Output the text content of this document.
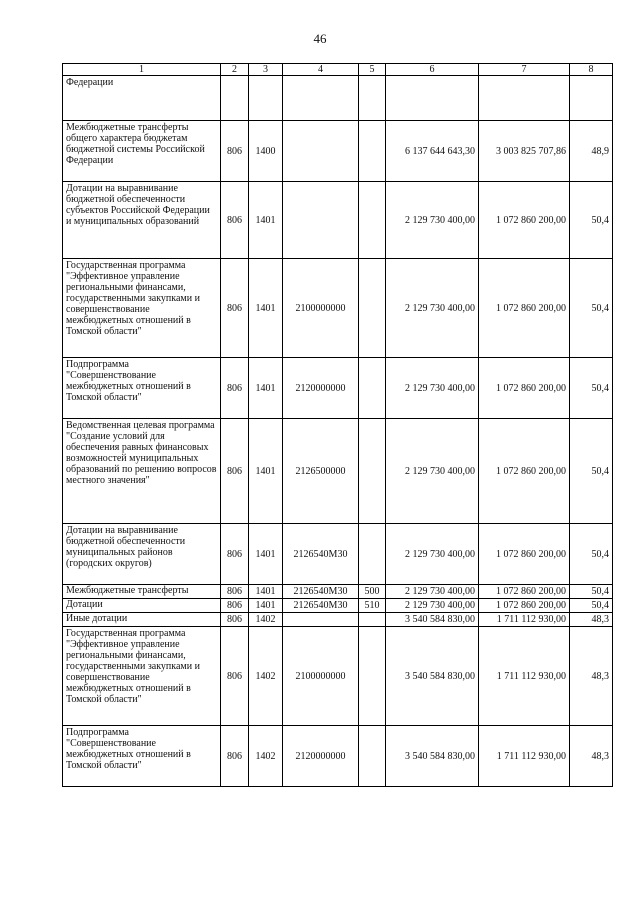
46
1	2	3	4	5	6	7	8
Федерации							
Межбюджетные трансферты общего характера бюджетам бюджетной системы Российской Федерации	806	1400			6 137 644 643,30	3 003 825 707,86	48,9
Дотации на выравнивание бюджетной обеспеченности субъектов Российской Федерации и муниципальных образований	806	1401			2 129 730 400,00	1 072 860 200,00	50,4
Государственная программа "Эффективное управление региональными финансами, государственными закупками и совершенствование межбюджетных отношений в Томской области"	806	1401	2100000000		2 129 730 400,00	1 072 860 200,00	50,4
Подпрограмма "Совершенствование межбюджетных отношений в Томской области"	806	1401	2120000000		2 129 730 400,00	1 072 860 200,00	50,4
Ведомственная целевая программа "Создание условий для обеспечения равных финансовых возможностей муниципальных образований по решению вопросов местного значения"	806	1401	2126500000		2 129 730 400,00	1 072 860 200,00	50,4
Дотации на выравнивание бюджетной обеспеченности муниципальных районов (городских округов)	806	1401	2126540М30		2 129 730 400,00	1 072 860 200,00	50,4
Межбюджетные трансферты	806	1401	2126540М30	500	2 129 730 400,00	1 072 860 200,00	50,4
Дотации	806	1401	2126540М30	510	2 129 730 400,00	1 072 860 200,00	50,4
Иные дотации	806	1402			3 540 584 830,00	1 711 112 930,00	48,3
Государственная программа "Эффективное управление региональными финансами, государственными закупками и совершенствование межбюджетных отношений в Томской области"	806	1402	2100000000		3 540 584 830,00	1 711 112 930,00	48,3
Подпрограмма "Совершенствование межбюджетных отношений в Томской области"	806	1402	2120000000		3 540 584 830,00	1 711 112 930,00	48,3
